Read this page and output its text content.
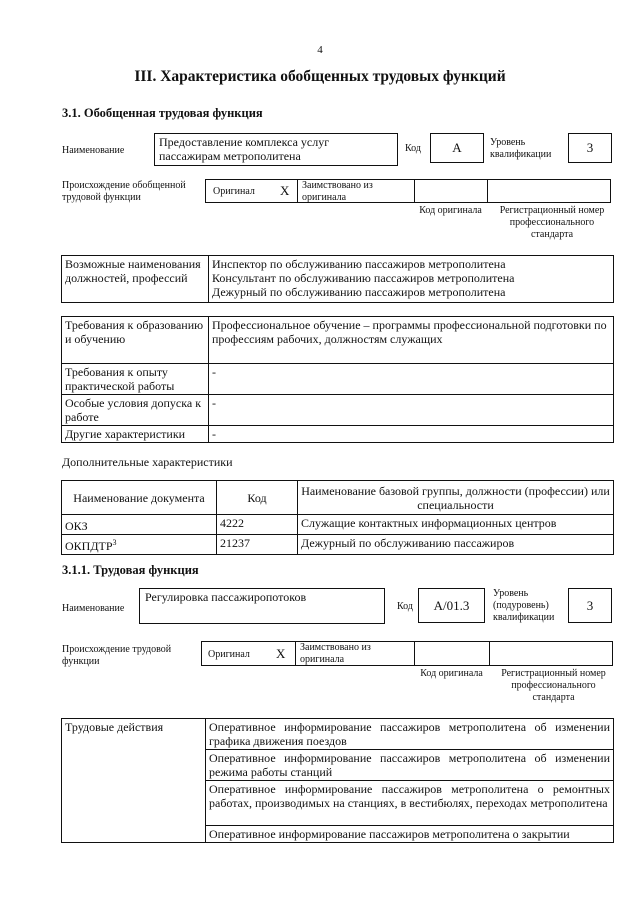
4
III. Характеристика обобщенных трудовых функций
3.1. Обобщенная трудовая функция
Наименование
Предоставление комплекса услуг пассажирам метрополитена
Код	A	Уровень квалификации	3
Происхождение обобщенной трудовой функции
Оригинал X Заимствовано из оригинала
Код оригинала	Регистрационный номер профессионального стандарта
Возможные наименования должностей, профессий	
Инспектор по обслуживанию пассажиров метрополитена
Консультант по обслуживанию пассажиров метрополитена
Дежурный по обслуживанию пассажиров метрополитена
Требования к образованию и обучению	Профессиональное обучение – программы профессиональной подготовки по профессиям рабочих, должностям служащих
Требования к опыту практической работы	-
Особые условия допуска к работе	-
Другие характеристики	-
Дополнительные характеристики
Наименование документа	Код	Наименование базовой группы, должности (профессии) или специальности
ОКЗ	4222	Служащие контактных информационных центров
ОКПДТР$^3$	21237	Дежурный по обслуживанию пассажиров
3.1.1. Трудовая функция
Наименование
Регулировка пассажиропотоков
Код	A/01.3
Уровень (подуровень) квалификации
3
Происхождение трудовой функции
Оригинал X Заимствовано из оригинала
Код оригинала	Регистрационный номер профессионального стандарта
Трудовые действия	Оперативное информирование пассажиров метрополитена об изменении графика движения поездов
Оперативное информирование пассажиров метрополитена об изменении режима работы станций
Оперативное информирование пассажиров метрополитена о ремонтных работах, производимых на станциях, в вестибюлях, переходах метрополитена
Оперативное информирование пассажиров метрополитена о закрытии
